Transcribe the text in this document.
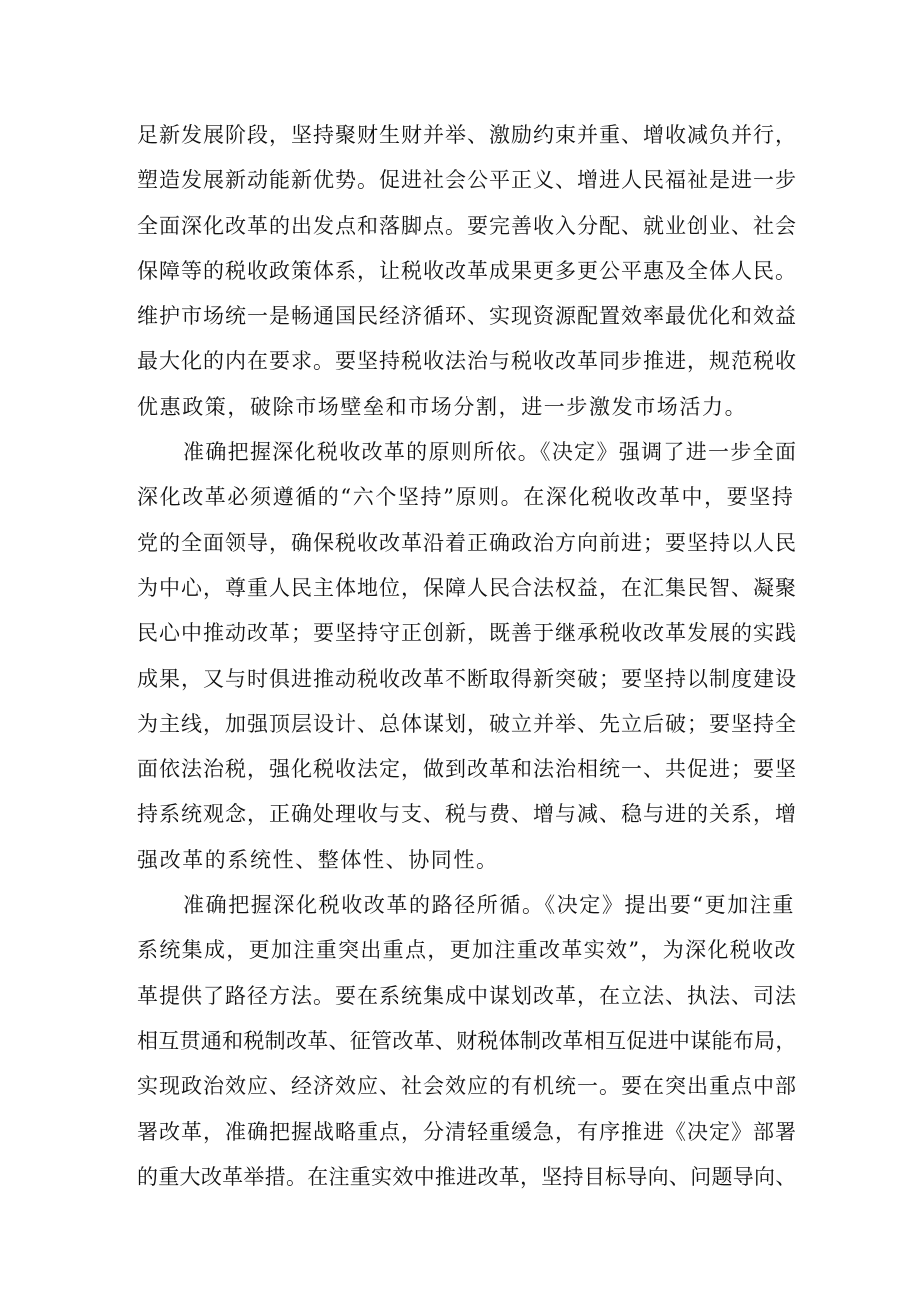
足新发展阶段，坚持聚财生财并举、激励约束并重、增收减负并行，
塑造发展新动能新优势。促进社会公平正义、增进人民福祉是进一步
全面深化改革的出发点和落脚点。要完善收入分配、就业创业、社会
保障等的税收政策体系，让税收改革成果更多更公平惠及全体人民。
维护市场统一是畅通国民经济循环、实现资源配置效率最优化和效益
最大化的内在要求。要坚持税收法治与税收改革同步推进，规范税收
优惠政策，破除市场壁垒和市场分割，进一步激发市场活力。
准确把握深化税收改革的原则所依。《决定》强调了进一步全面
深化改革必须遵循的“六个坚持”原则。在深化税收改革中，要坚持
党的全面领导，确保税收改革沿着正确政治方向前进；要坚持以人民
为中心，尊重人民主体地位，保障人民合法权益，在汇集民智、凝聚
民心中推动改革；要坚持守正创新，既善于继承税收改革发展的实践
成果，又与时俱进推动税收改革不断取得新突破；要坚持以制度建设
为主线，加强顶层设计、总体谋划，破立并举、先立后破；要坚持全
面依法治税，强化税收法定，做到改革和法治相统一、共促进；要坚
持系统观念，正确处理收与支、税与费、增与减、稳与进的关系，增
强改革的系统性、整体性、协同性。
准确把握深化税收改革的路径所循。《决定》提出要“更加注重
系统集成，更加注重突出重点，更加注重改革实效”，为深化税收改
革提供了路径方法。要在系统集成中谋划改革，在立法、执法、司法
相互贯通和税制改革、征管改革、财税体制改革相互促进中谋能布局，
实现政治效应、经济效应、社会效应的有机统一。要在突出重点中部
署改革，准确把握战略重点，分清轻重缓急，有序推进《决定》部署
的重大改革举措。在注重实效中推进改革，坚持目标导向、问题导向、
